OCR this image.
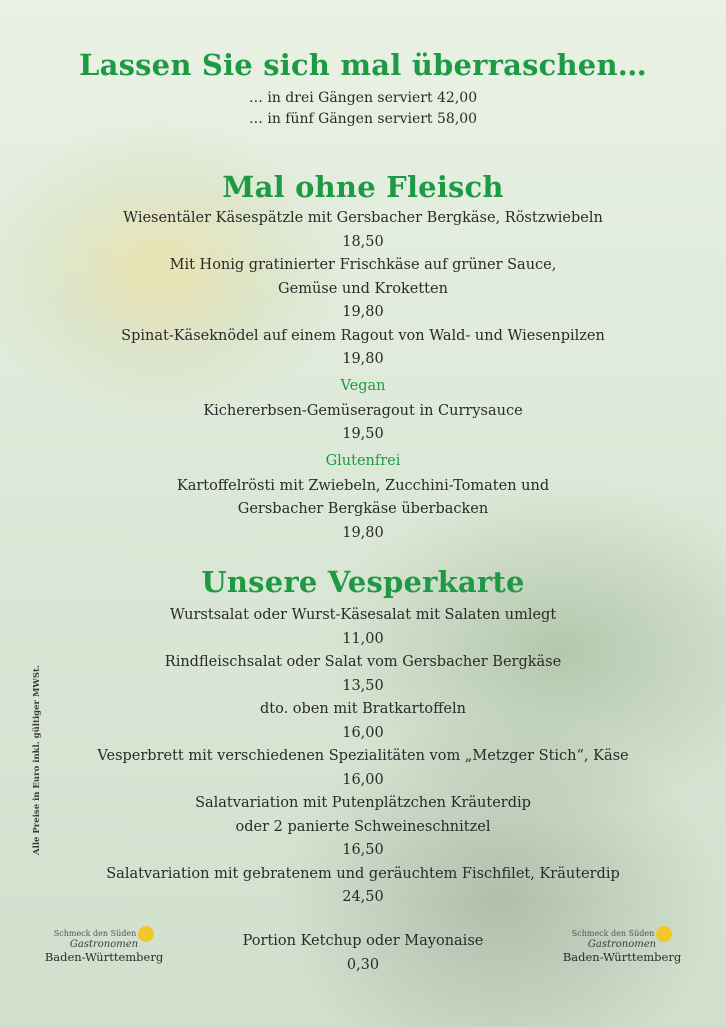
Lassen Sie sich mal überraschen…
… in drei Gängen serviert 42,00
… in fünf Gängen serviert 58,00
Mal ohne Fleisch
Wiesentäler Käsespätzle mit Gersbacher Bergkäse, Röstzwiebeln
18,50
Mit Honig gratinierter Frischkäse auf grüner Sauce,
Gemüse und Kroketten
19,80
Spinat-Käseknödel auf einem Ragout von Wald- und Wiesenpilzen
19,80
Vegan
Kichererbsen-Gemüseragout in Currysauce
19,50
Glutenfrei
Kartoffelrösti mit Zwiebeln, Zucchini-Tomaten und
Gersbacher Bergkäse überbacken
19,80
Unsere Vesperkarte
Wurstsalat oder Wurst-Käsesalat mit Salaten umlegt
11,00
Rindfleischsalat oder Salat vom Gersbacher Bergkäse
13,50
dto. oben mit Bratkartoffeln
16,00
Vesperbrett mit verschiedenen Spezialitäten vom „Metzger Stich“, Käse
16,00
Salatvariation mit Putenplätzchen Kräuterdip
oder 2 panierte Schweineschnitzel
16,50
Salatvariation mit gebratenem und geräuchtem Fischfilet, Kräuterdip
24,50
Portion Ketchup oder Mayonaise
0,30
Alle Preise in Euro inkl. gültiger MWSt.
Schmeck den Süden
Gastronomen
Baden-Württemberg
Schmeck den Süden
Gastronomen
Baden-Württemberg
